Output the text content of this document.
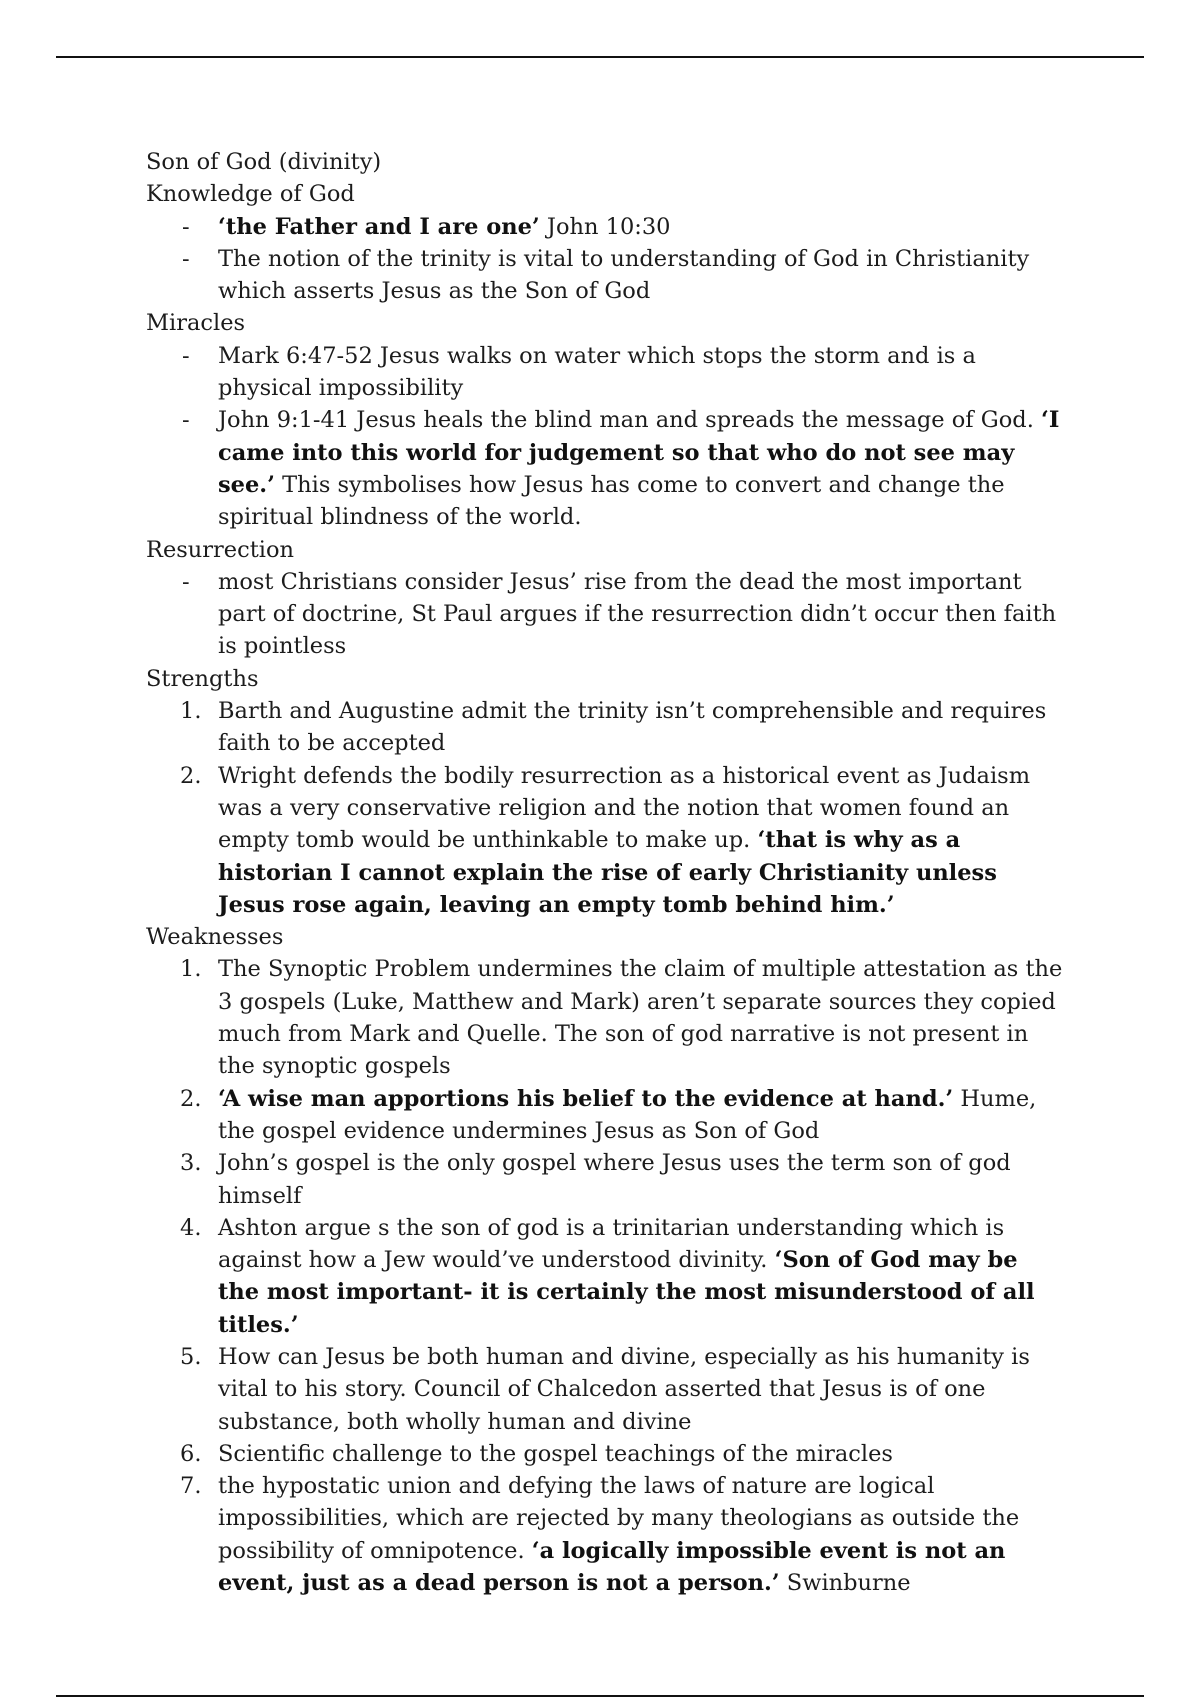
Son of God (divinity)

Knowledge of God

-	‘the Father and I are one’ John 10:30

-	The notion of the trinity is vital to understanding of God in Christianity which asserts Jesus as the Son of God

Miracles

-	Mark 6:47-52 Jesus walks on water which stops the storm and is a physical impossibility

-	John 9:1-41 Jesus heals the blind man and spreads the message of God. ‘I came into this world for judgement so that who do not see may see.’ This symbolises how Jesus has come to convert and change the spiritual blindness of the world.

Resurrection

-	most Christians consider Jesus’ rise from the dead the most important part of doctrine, St Paul argues if the resurrection didn’t occur then faith is pointless

Strengths

1. Barth and Augustine admit the trinity isn’t comprehensible and requires faith to be accepted

2. Wright defends the bodily resurrection as a historical event as Judaism was a very conservative religion and the notion that women found an empty tomb would be unthinkable to make up. ‘that is why as a historian I cannot explain the rise of early Christianity unless Jesus rose again, leaving an empty tomb behind him.’

Weaknesses

1. The Synoptic Problem undermines the claim of multiple attestation as the 3 gospels (Luke, Matthew and Mark) aren’t separate sources they copied much from Mark and Quelle. The son of god narrative is not present in the synoptic gospels

2. ‘A wise man apportions his belief to the evidence at hand.’ Hume, the gospel evidence undermines Jesus as Son of God

3. John’s gospel is the only gospel where Jesus uses the term son of god himself

4. Ashton argue s the son of god is a trinitarian understanding which is against how a Jew would’ve understood divinity. ‘Son of God may be the most important- it is certainly the most misunderstood of all titles.’

5. How can Jesus be both human and divine, especially as his humanity is vital to his story. Council of Chalcedon asserted that Jesus is of one substance, both wholly human and divine

6. Scientific challenge to the gospel teachings of the miracles

7. the hypostatic union and defying the laws of nature are logical impossibilities, which are rejected by many theologians as outside the possibility of omnipotence. ‘a logically impossible event is not an event, just as a dead person is not a person.’ Swinburne
